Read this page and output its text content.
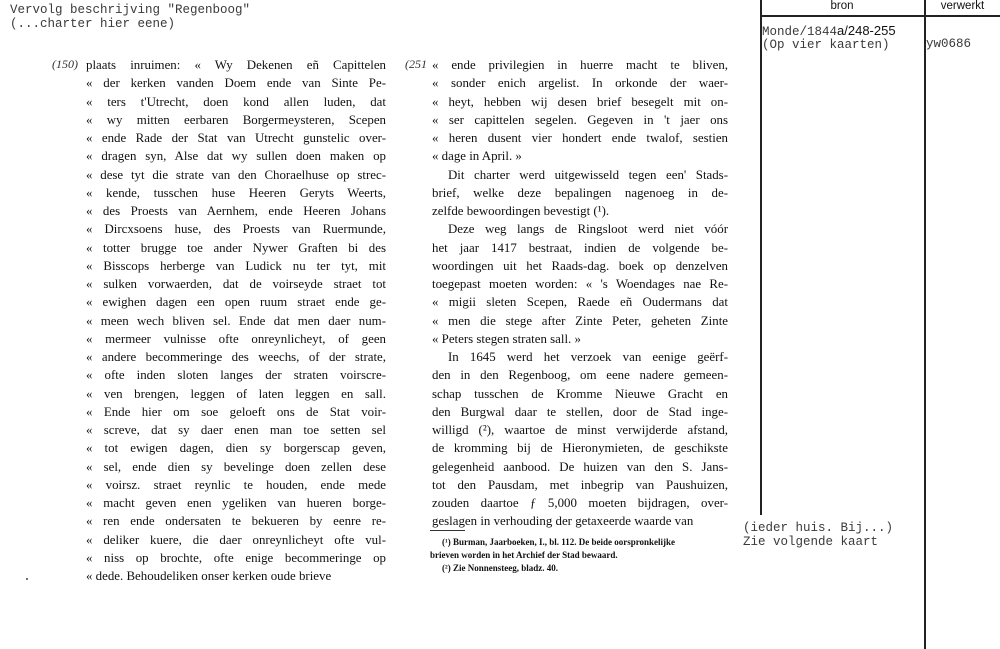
Vervolg beschrijving "Regenboog"
(...charter hier eene)
bron	verwerkt
Monde/1844a/248-255
(Op vier kaarten)	yw0686
(ieder huis. Bij...)
Zie volgende kaart
(150)	(251
plaats inruimen: « Wy Dekenen eñ Capittelen
« der kerken vanden Doem ende van Sinte Pe-
« ters t'Utrecht, doen kond allen luden, dat
« wy mitten eerbaren Borgermeysteren, Scepen
« ende Rade der Stat van Utrecht gunstelic over-
« dragen syn, Alse dat wy sullen doen maken op
« dese tyt die strate van den Choraelhuse op strec-
« kende, tusschen huse Heeren Geryts Weerts,
« des Proests van Aernhem, ende Heeren Johans
« Dircxsoens huse, des Proests van Ruermunde,
« totter brugge toe ander Nywer Graften bi des
« Bisscops herberge van Ludick nu ter tyt, mit
« sulken vorwaerden, dat de voirseyde straet tot
« ewighen dagen een open ruum straet ende ge-
« meen wech bliven sel. Ende dat men daer num-
« mermeer vulnisse ofte onreynlicheyt, of geen
« andere becommeringe des weechs, of der strate,
« ofte inden sloten langes der straten voirscre-
« ven brengen, leggen of laten leggen en sall.
« Ende hier om soe geloeft ons de Stat voir-
« screve, dat sy daer enen man toe setten sel
« tot ewigen dagen, dien sy borgerscap geven,
« sel, ende dien sy bevelinge doen zellen dese
« voirsz. straet reynlic te houden, ende mede
« macht geven enen ygeliken van hueren borge-
« ren ende ondersaten te bekueren by eenre re-
« deliker kuere, die daer onreynlicheyt ofte vul-
« niss op brochte, ofte enige becommeringe op
« dede. Behoudeliken onser kerken oude brieve
« ende privilegien in huerre macht te bliven,
« sonder enich argelist. In orkonde der waer-
« heyt, hebben wij desen brief besegelt mit on-
« ser capittelen segelen. Gegeven in 't jaer ons
« heren dusent vier hondert ende twalof, sestien
« dage in April. »
Dit charter werd uitgewisseld tegen een' Stads-
brief, welke deze bepalingen nagenoeg in de-
zelfde bewoordingen bevestigt (¹).
Deze weg langs de Ringsloot werd niet vóór
het jaar 1417 bestraat, indien de volgende be-
woordingen uit het Raads-dag. boek op denzelven
toegepast moeten worden: « 's Woendages nae Re-
« migii sleten Scepen, Raede eñ Oudermans dat
« men die stege after Zinte Peter, geheten Zinte
« Peters stegen straten sall. »
In 1645 werd het verzoek van eenige geërf-
den in den Regenboog, om eene nadere gemeen-
schap tusschen de Kromme Nieuwe Gracht en
den Burgwal daar te stellen, door de Stad inge-
willigd (²), waartoe de minst verwijderde afstand,
de kromming bij de Hieronymieten, de geschikste
gelegenheid aanbood. De huizen van den S. Jans-
tot den Pausdam, met inbegrip van Paushuizen,
zouden daartoe ƒ 5,000 moeten bijdragen, over-
geslagen in verhouding der getaxeerde waarde van
(¹) Burman, Jaarboeken, I., bl. 112. De beide oorspronkelijke
brieven worden in het Archief der Stad bewaard.
(²) Zie Nonnensteeg, bladz. 40.
